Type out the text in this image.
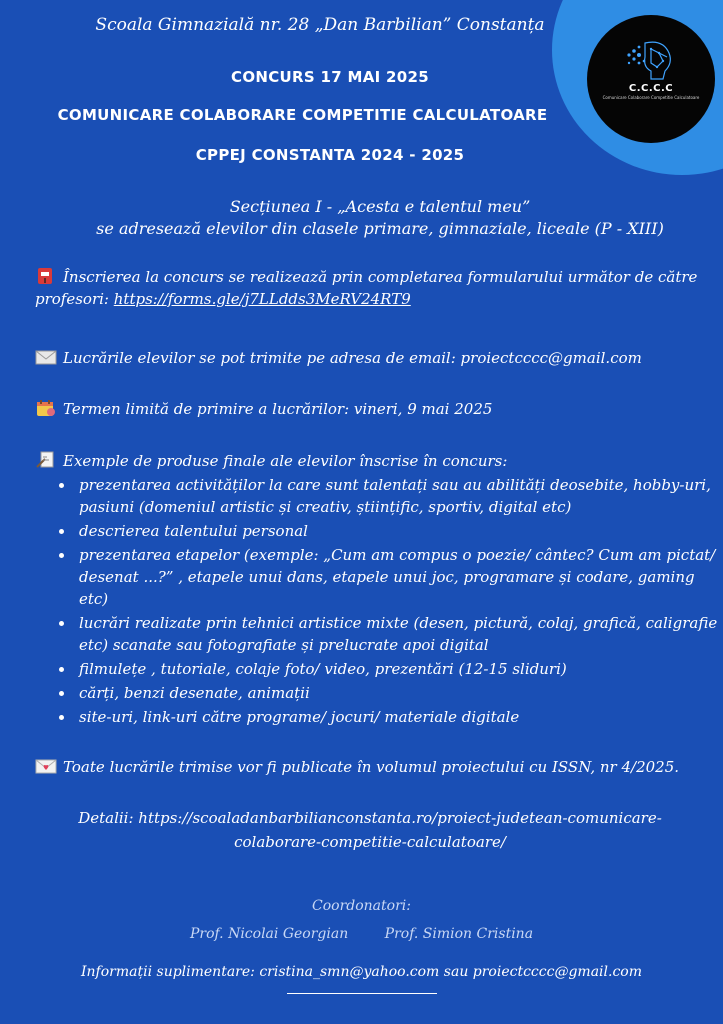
C.C.C.C
Comunicare Colaborare Competitie Calculatoare
Scoala Gimnazială nr. 28 „Dan Barbilian” Constanța
CONCURS 17 MAI 2025
COMUNICARE COLABORARE COMPETITIE CALCULATOARE
CPPEJ CONSTANTA 2024 - 2025
Secțiunea I - „Acesta e talentul meu”
se adresează elevilor din clasele primare, gimnaziale, liceale (P - XIII)
Înscrierea la concurs se realizează prin completarea formularului următor de către profesori: https://forms.gle/j7LLdds3MeRV24RT9
Lucrările elevilor se pot trimite pe adresa de email: proiectcccc@gmail.com
Termen limită de primire a lucrărilor: vineri, 9 mai 2025
Exemple de produse finale ale elevilor înscrise în concurs:
• prezentarea activităților la care sunt talentați sau au abilități deosebite, hobby-uri, pasiuni (domeniul artistic și creativ, științific, sportiv, digital etc)
• descrierea talentului personal
• prezentarea etapelor (exemple: „Cum am compus o poezie/ cântec? Cum am pictat/ desenat ...?” , etapele unui dans, etapele unui joc, programare și codare, gaming etc)
• lucrări realizate prin tehnici artistice mixte (desen, pictură, colaj, grafică, caligrafie etc) scanate sau fotografiate și prelucrate apoi digital
• filmulețe , tutoriale, colaje foto/ video, prezentări (12-15 sliduri)
• cărți, benzi desenate, animații
• site-uri, link-uri către programe/ jocuri/ materiale digitale
Toate lucrările trimise vor fi publicate în volumul proiectului cu ISSN, nr 4/2025.
Detalii: https://scoaladanbarbilianconstanta.ro/proiect-judetean-comunicare-colaborare-competitie-calculatoare/
Coordonatori:
Prof. Nicolai Georgian	Prof. Simion Cristina
Informații suplimentare: cristina_smn@yahoo.com sau proiectcccc@gmail.com
